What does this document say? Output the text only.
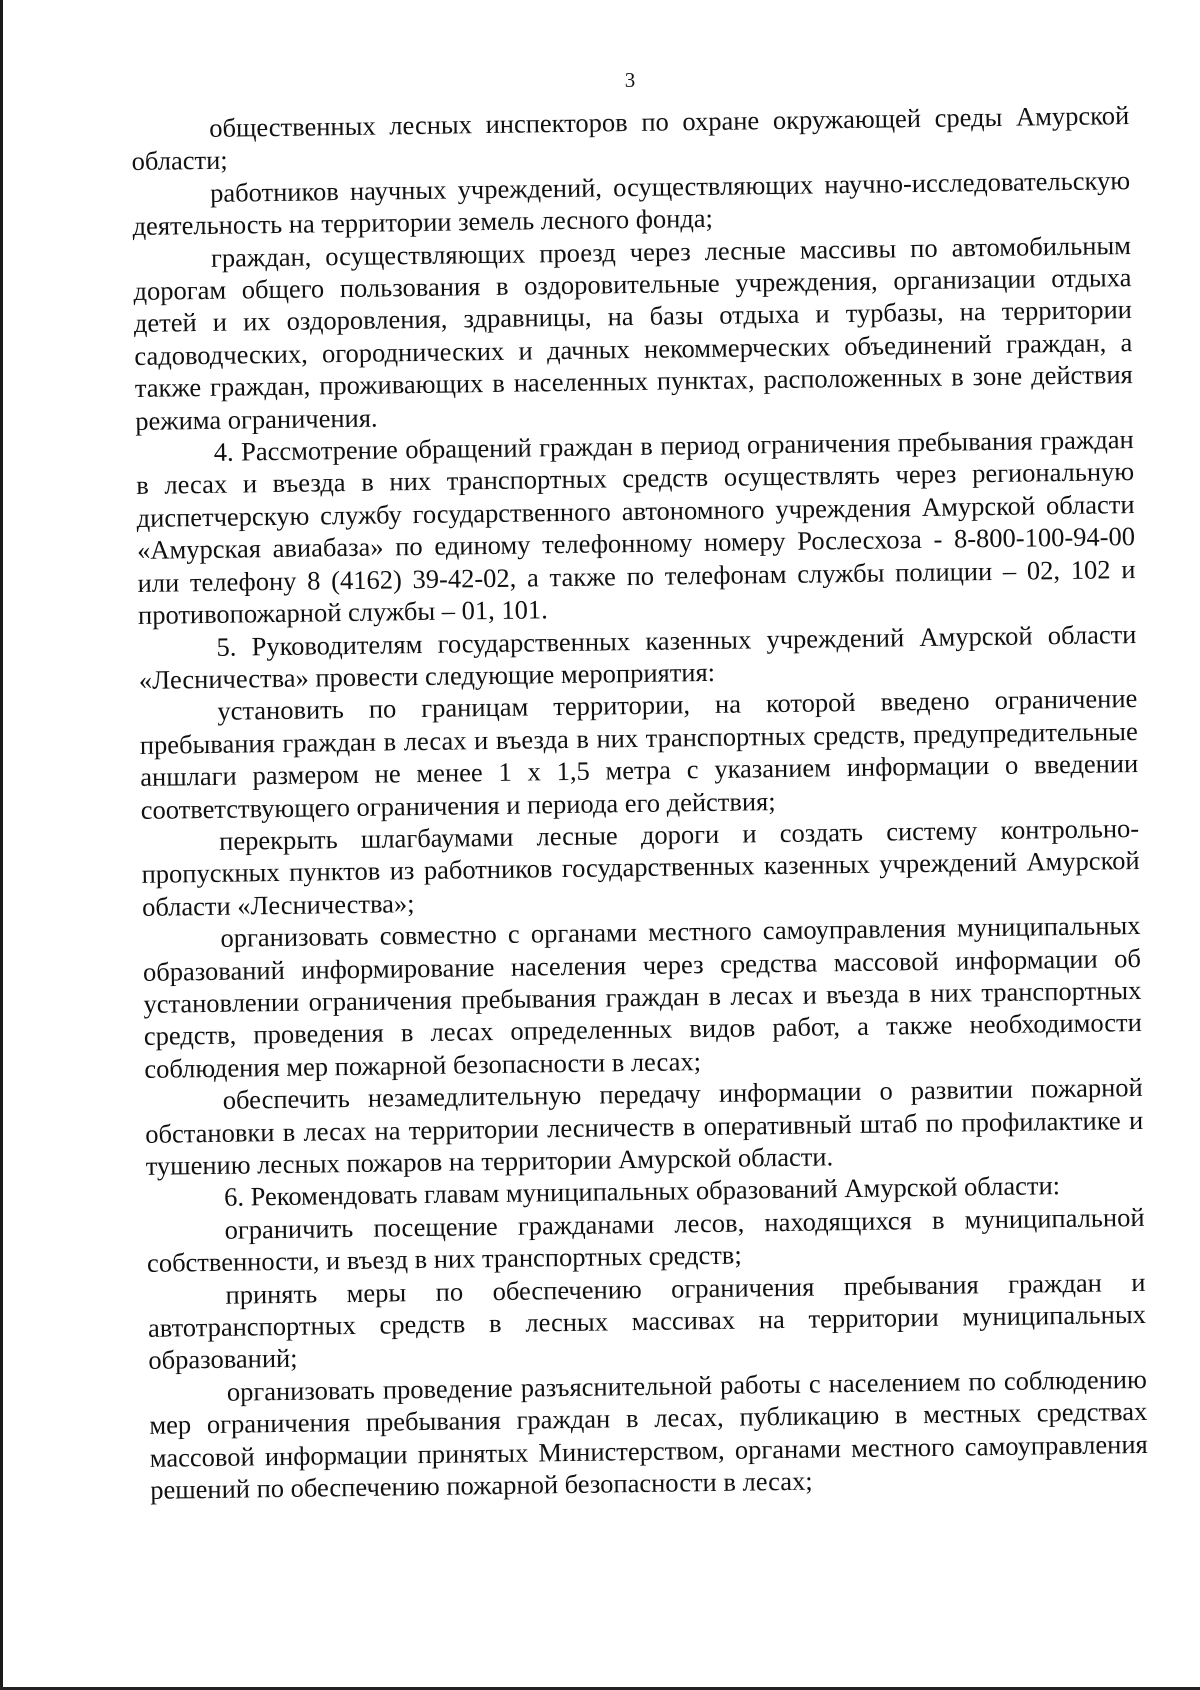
3

общественных лесных инспекторов по охране окружающей среды Амурской области;

работников научных учреждений, осуществляющих научно-исследовательскую деятельность на территории земель лесного фонда;

граждан, осуществляющих проезд через лесные массивы по автомобильным дорогам общего пользования в оздоровительные учреждения, организации отдыха детей и их оздоровления, здравницы, на базы отдыха и турбазы, на территории садоводческих, огороднических и дачных некоммерческих объединений граждан, а также граждан, проживающих в населенных пунктах, расположенных в зоне действия режима ограничения.

4. Рассмотрение обращений граждан в период ограничения пребывания граждан в лесах и въезда в них транспортных средств осуществлять через региональную диспетчерскую службу государственного автономного учреждения Амурской области «Амурская авиабаза» по единому телефонному номеру Рослесхоза - 8-800-100-94-00 или телефону 8 (4162) 39-42-02, а также по телефонам службы полиции – 02, 102 и противопожарной службы – 01, 101.

5. Руководителям государственных казенных учреждений Амурской области «Лесничества» провести следующие мероприятия:

установить по границам территории, на которой введено ограничение пребывания граждан в лесах и въезда в них транспортных средств, предупредительные аншлаги размером не менее 1 х 1,5 метра с указанием информации о введении соответствующего ограничения и периода его действия;

перекрыть шлагбаумами лесные дороги и создать систему контрольно-пропускных пунктов из работников государственных казенных учреждений Амурской области «Лесничества»;

организовать совместно с органами местного самоуправления муниципальных образований информирование населения через средства массовой информации об установлении ограничения пребывания граждан в лесах и въезда в них транспортных средств, проведения в лесах определенных видов работ, а также необходимости соблюдения мер пожарной безопасности в лесах;

обеспечить незамедлительную передачу информации о развитии пожарной обстановки в лесах на территории лесничеств в оперативный штаб по профилактике и тушению лесных пожаров на территории Амурской области.

6. Рекомендовать главам муниципальных образований Амурской области:

ограничить посещение гражданами лесов, находящихся в муниципальной собственности, и въезд в них транспортных средств;

принять меры по обеспечению ограничения пребывания граждан и автотранспортных средств в лесных массивах на территории муниципальных образований;

организовать проведение разъяснительной работы с населением по соблюдению мер ограничения пребывания граждан в лесах, публикацию в местных средствах массовой информации принятых Министерством, органами местного самоуправления решений по обеспечению пожарной безопасности в лесах;
